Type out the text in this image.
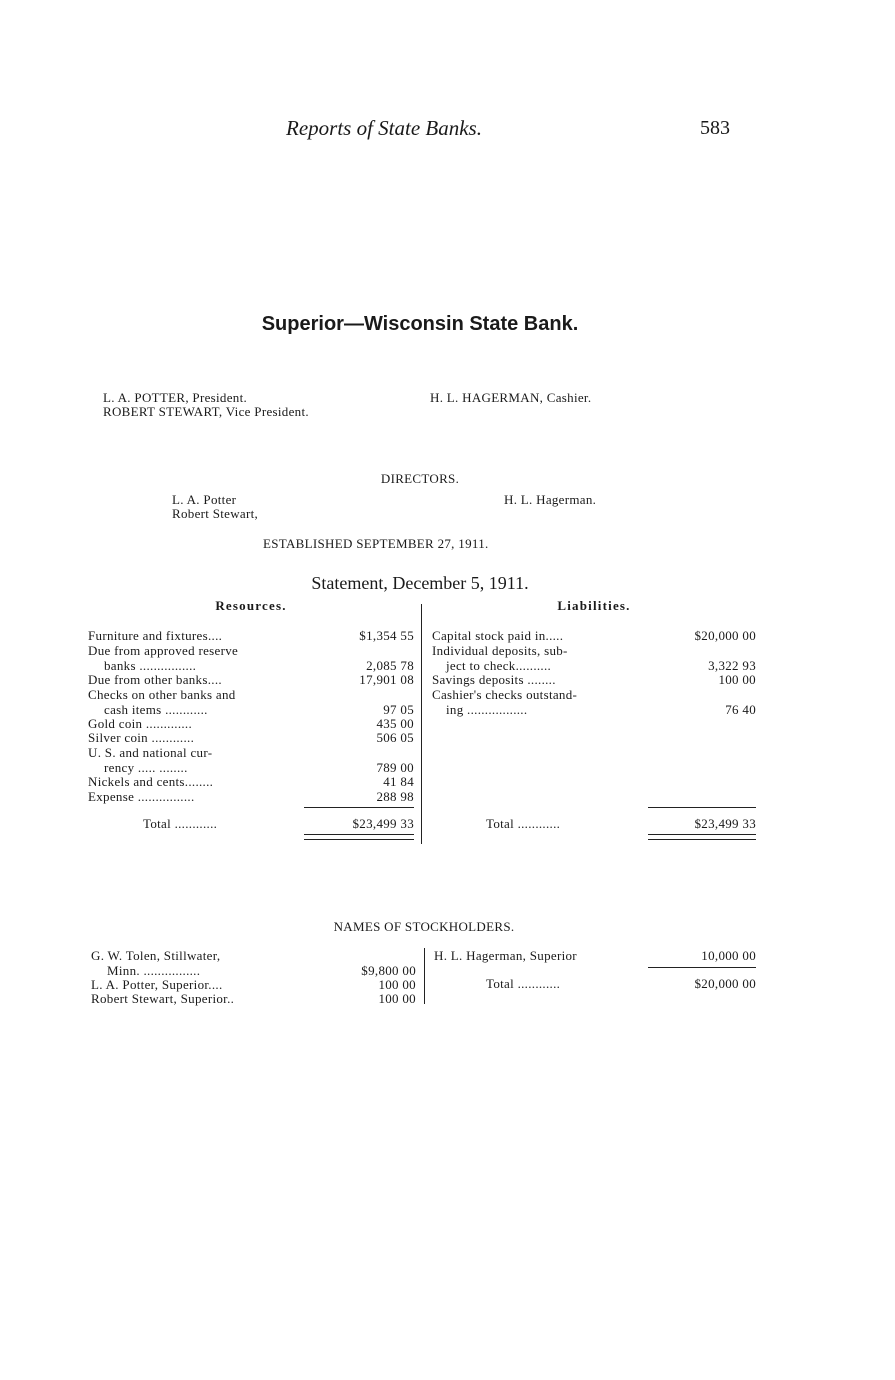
Reports of State Banks.	583
Superior—Wisconsin State Bank.
L. A. POTTER, President.
ROBERT STEWART, Vice President.
H. L. HAGERMAN, Cashier.
DIRECTORS.
L. A. Potter
Robert Stewart,
H. L. Hagerman.
ESTABLISHED SEPTEMBER 27, 1911.
Statement, December 5, 1911.
Resources.	Liabilities.
Furniture and fixtures....	$1,354 55
Due from approved reserve
banks ................	2,085 78
Due from other banks....	17,901 08
Checks on other banks and
cash items ............	97 05
Gold coin .............	435 00
Silver coin ............	506 05
U. S. and national cur-
rency ..... ........	789 00
Nickels and cents........	41 84
Expense ................	288 98
Total ............	$23,499 33
Capital stock paid in.....	$20,000 00
Individual deposits, sub-
ject to check..........	3,322 93
Savings deposits ........	100 00
Cashier's checks outstand-
ing .................	76 40
Total ............	$23,499 33
NAMES OF STOCKHOLDERS.
G. W. Tolen, Stillwater,
Minn. ................	$9,800 00
L. A. Potter, Superior....	100 00
Robert Stewart, Superior..	100 00
H. L. Hagerman, Superior	10,000 00
Total ............	$20,000 00
